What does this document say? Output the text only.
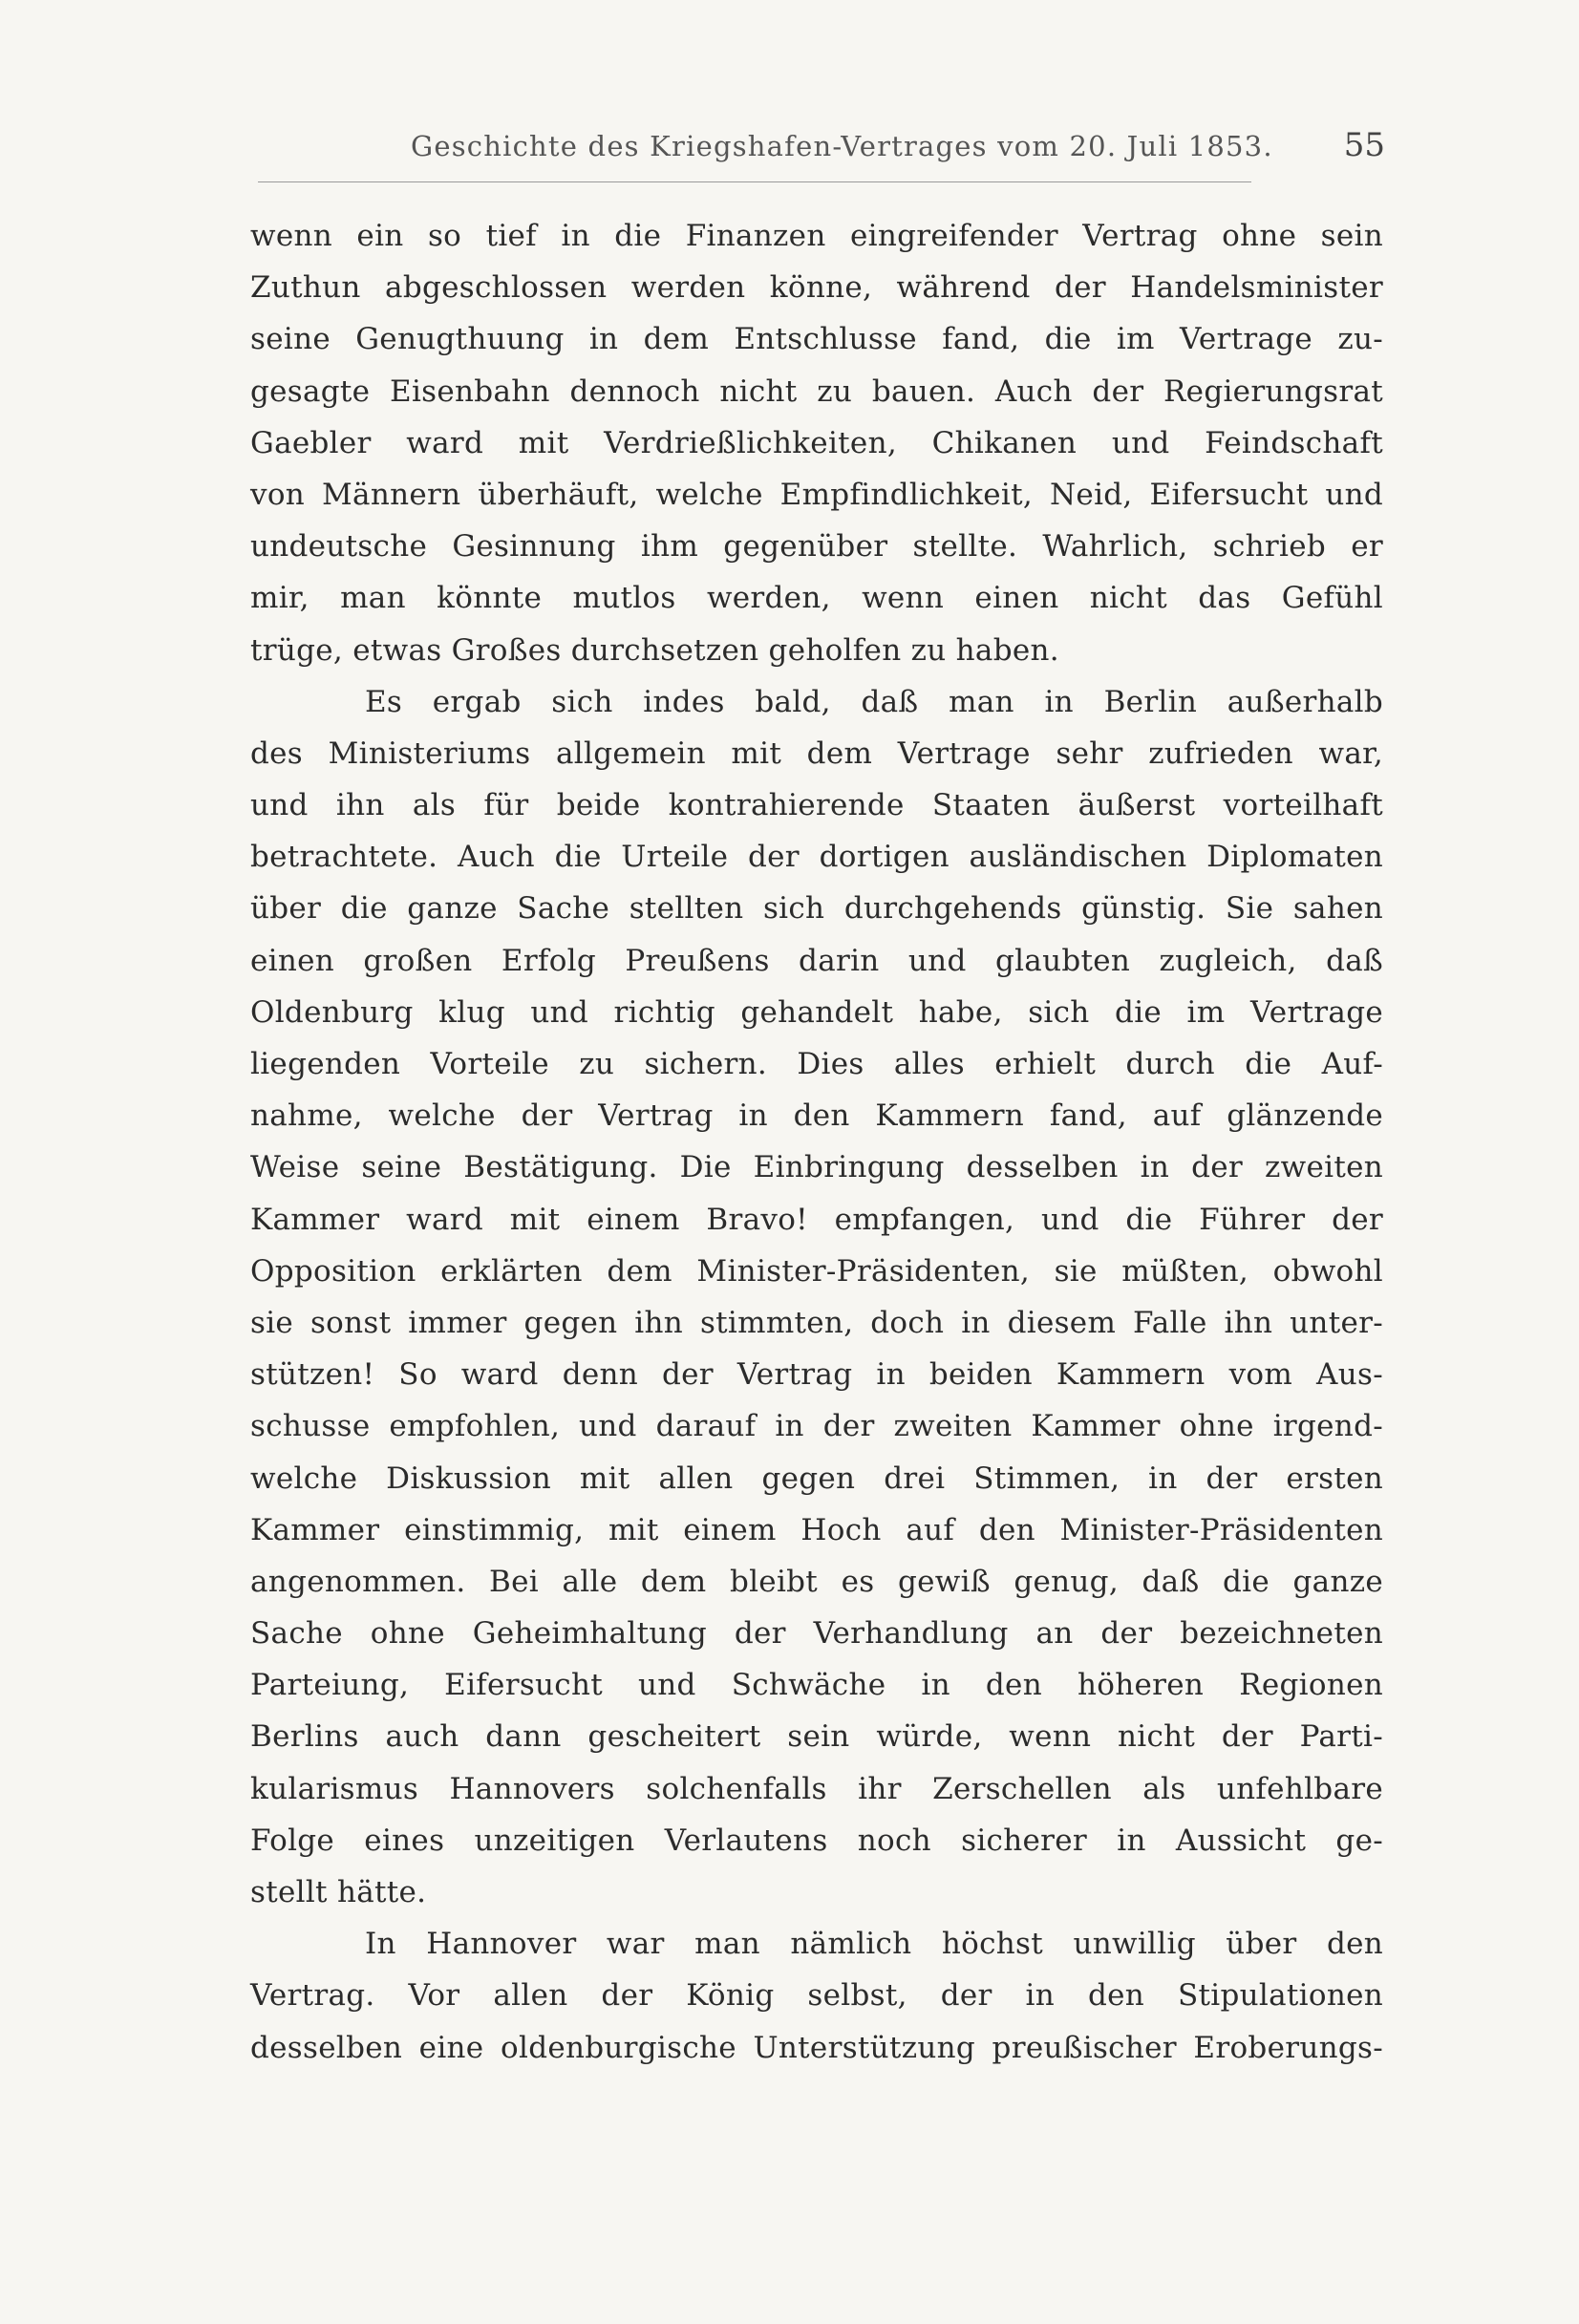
Geschichte des Kriegshafen-Vertrages vom 20. Juli 1853. 55
wenn ein so tief in die Finanzen eingreifender Vertrag ohne sein
Zuthun abgeschlossen werden könne, während der Handelsminister
seine Genugthuung in dem Entschlusse fand, die im Vertrage zu-
gesagte Eisenbahn dennoch nicht zu bauen. Auch der Regierungsrat
Gaebler ward mit Verdrießlichkeiten, Chikanen und Feindschaft
von Männern überhäuft, welche Empfindlichkeit, Neid, Eifersucht und
undeutsche Gesinnung ihm gegenüber stellte. Wahrlich, schrieb er
mir, man könnte mutlos werden, wenn einen nicht das Gefühl
trüge, etwas Großes durchsetzen geholfen zu haben.
Es ergab sich indes bald, daß man in Berlin außerhalb
des Ministeriums allgemein mit dem Vertrage sehr zufrieden war,
und ihn als für beide kontrahierende Staaten äußerst vorteilhaft
betrachtete. Auch die Urteile der dortigen ausländischen Diplomaten
über die ganze Sache stellten sich durchgehends günstig. Sie sahen
einen großen Erfolg Preußens darin und glaubten zugleich, daß
Oldenburg klug und richtig gehandelt habe, sich die im Vertrage
liegenden Vorteile zu sichern. Dies alles erhielt durch die Auf-
nahme, welche der Vertrag in den Kammern fand, auf glänzende
Weise seine Bestätigung. Die Einbringung desselben in der zweiten
Kammer ward mit einem Bravo! empfangen, und die Führer der
Opposition erklärten dem Minister-Präsidenten, sie müßten, obwohl
sie sonst immer gegen ihn stimmten, doch in diesem Falle ihn unter-
stützen! So ward denn der Vertrag in beiden Kammern vom Aus-
schusse empfohlen, und darauf in der zweiten Kammer ohne irgend-
welche Diskussion mit allen gegen drei Stimmen, in der ersten
Kammer einstimmig, mit einem Hoch auf den Minister-Präsidenten
angenommen. Bei alle dem bleibt es gewiß genug, daß die ganze
Sache ohne Geheimhaltung der Verhandlung an der bezeichneten
Parteiung, Eifersucht und Schwäche in den höheren Regionen
Berlins auch dann gescheitert sein würde, wenn nicht der Parti-
kularismus Hannovers solchenfalls ihr Zerschellen als unfehlbare
Folge eines unzeitigen Verlautens noch sicherer in Aussicht ge-
stellt hätte.
In Hannover war man nämlich höchst unwillig über den
Vertrag. Vor allen der König selbst, der in den Stipulationen
desselben eine oldenburgische Unterstützung preußischer Eroberungs-
